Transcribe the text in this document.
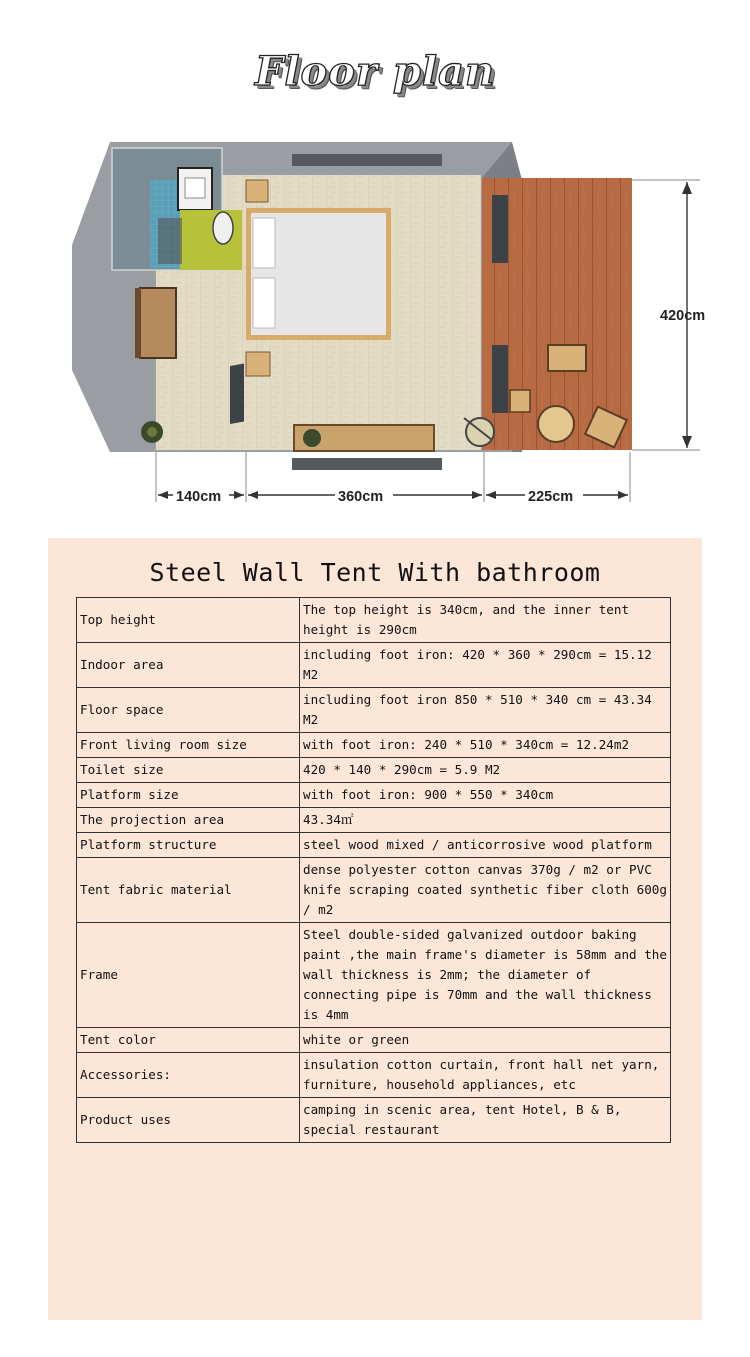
Floor plan
420cm
140cm	360cm	225cm
Steel Wall Tent With bathroom
Top height	The top height is 340cm, and the inner tent height is 290cm
Indoor area	including foot iron: 420 * 360 * 290cm = 15.12 M2
Floor space	including foot iron 850 * 510 * 340 cm = 43.34 M2
Front living room size	with foot iron: 240 * 510 * 340cm = 12.24m2
Toilet size	420 * 140 * 290cm = 5.9 M2
Platform size	with foot iron: 900 * 550 * 340cm
The projection area	43.34㎡
Platform structure	steel wood mixed / anticorrosive wood platform
Tent fabric material	dense polyester cotton canvas 370g / m2 or PVC knife scraping coated synthetic fiber cloth 600g / m2
Frame	Steel double-sided galvanized outdoor baking paint ,the main frame's diameter is 58mm and the wall thickness is 2mm; the diameter of connecting pipe is 70mm and the wall thickness is 4mm
Tent color	white or green
Accessories:	insulation cotton curtain, front hall net yarn, furniture, household appliances, etc
Product uses	camping in scenic area, tent Hotel, B & B, special restaurant
